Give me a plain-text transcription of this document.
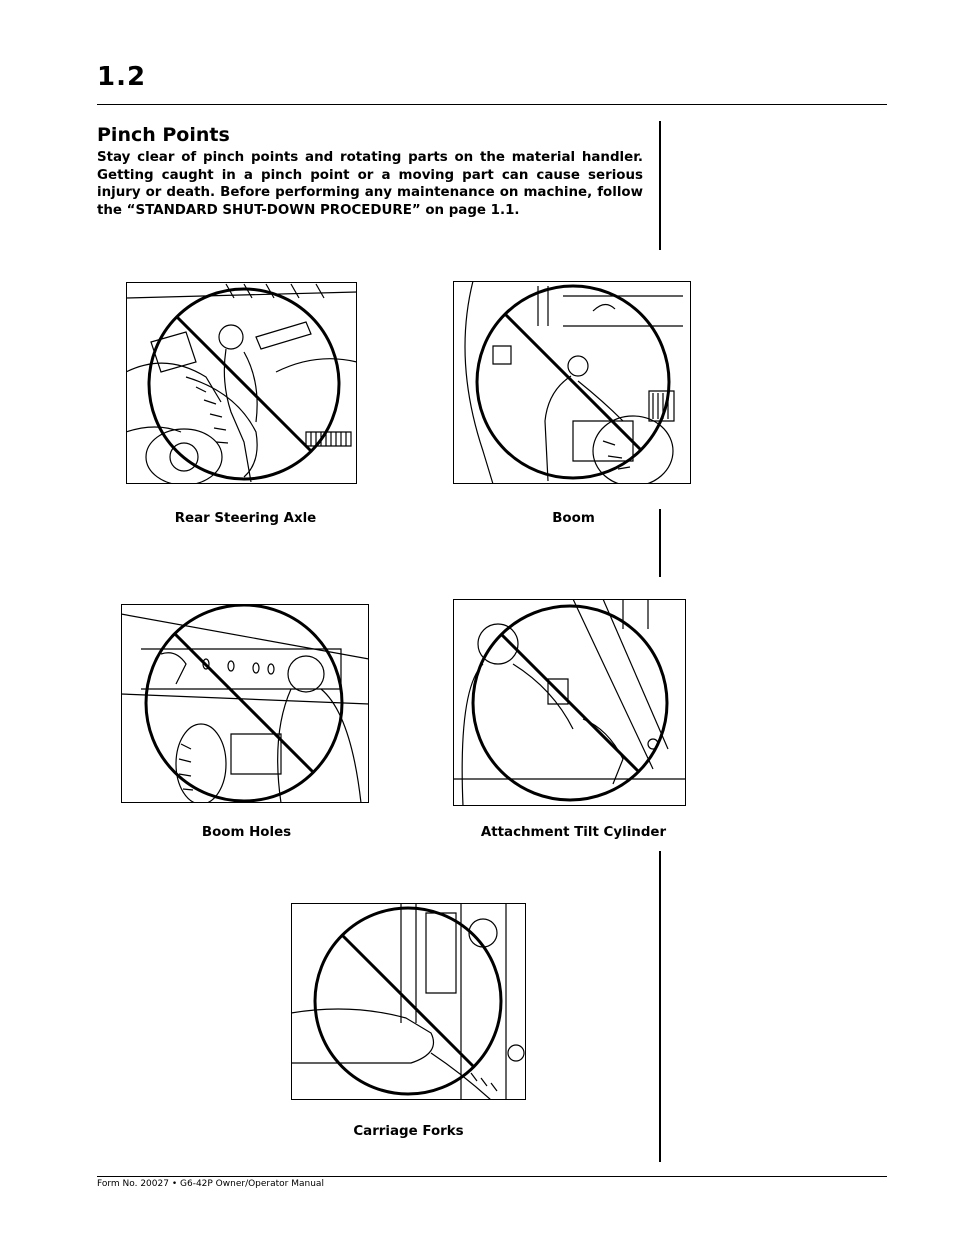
1.2
Pinch Points

Stay clear of pinch points and rotating parts on the material handler. Getting caught in a pinch point or a moving part can cause serious injury or death. Before performing any maintenance on machine, follow the “STANDARD SHUT-DOWN PROCEDURE” on page 1.1.

Rear Steering Axle	Boom
Boom Holes	Attachment Tilt Cylinder
Carriage Forks
Form No. 20027 • G6-42P Owner/Operator Manual
